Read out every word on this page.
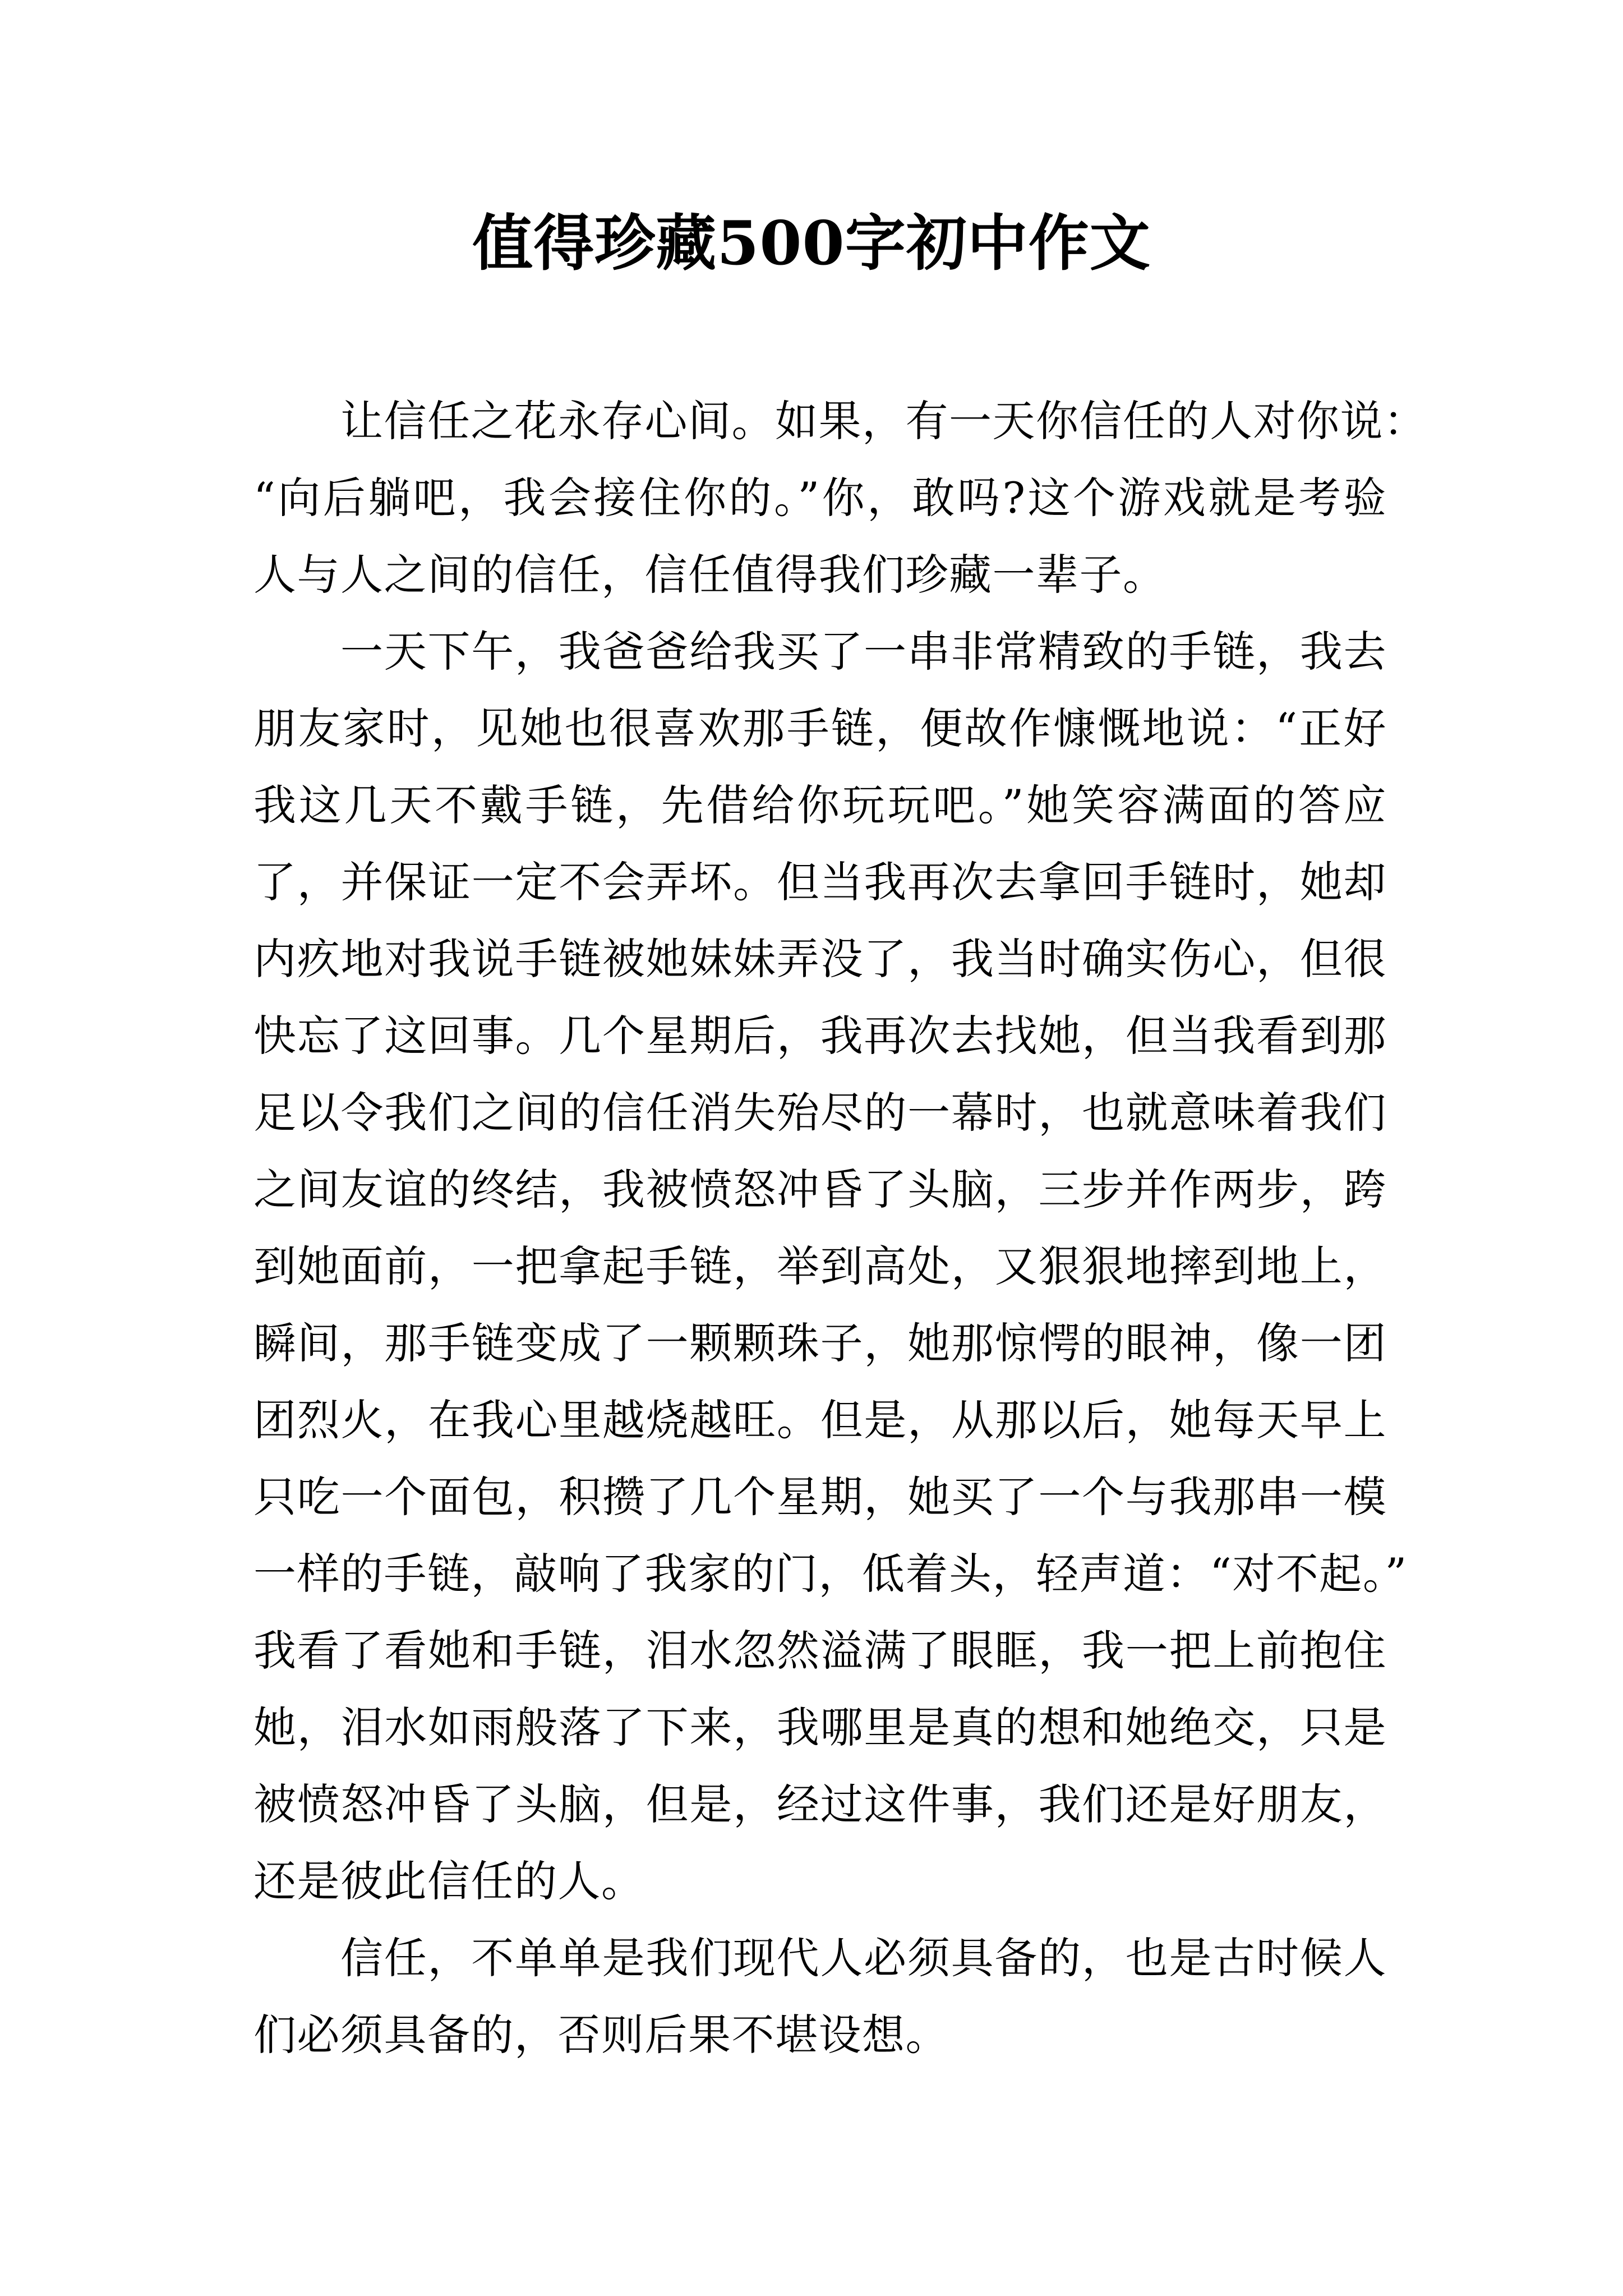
值得珍藏500字初中作文
让信任之花永存心间。如果，有一天你信任的人对你说：
“向后躺吧，我会接住你的。”你，敢吗?这个游戏就是考验
人与人之间的信任，信任值得我们珍藏一辈子。
一天下午，我爸爸给我买了一串非常精致的手链，我去
朋友家时，见她也很喜欢那手链，便故作慷慨地说：“正好
我这几天不戴手链，先借给你玩玩吧。”她笑容满面的答应
了，并保证一定不会弄坏。但当我再次去拿回手链时，她却
内疚地对我说手链被她妹妹弄没了，我当时确实伤心，但很
快忘了这回事。几个星期后，我再次去找她，但当我看到那
足以令我们之间的信任消失殆尽的一幕时，也就意味着我们
之间友谊的终结，我被愤怒冲昏了头脑，三步并作两步，跨
到她面前，一把拿起手链，举到高处，又狠狠地摔到地上，
瞬间，那手链变成了一颗颗珠子，她那惊愕的眼神，像一团
团烈火，在我心里越烧越旺。但是，从那以后，她每天早上
只吃一个面包，积攒了几个星期，她买了一个与我那串一模
一样的手链，敲响了我家的门，低着头，轻声道：“对不起。”
我看了看她和手链，泪水忽然溢满了眼眶，我一把上前抱住
她，泪水如雨般落了下来，我哪里是真的想和她绝交，只是
被愤怒冲昏了头脑，但是，经过这件事，我们还是好朋友，
还是彼此信任的人。
信任，不单单是我们现代人必须具备的，也是古时候人
们必须具备的，否则后果不堪设想。
